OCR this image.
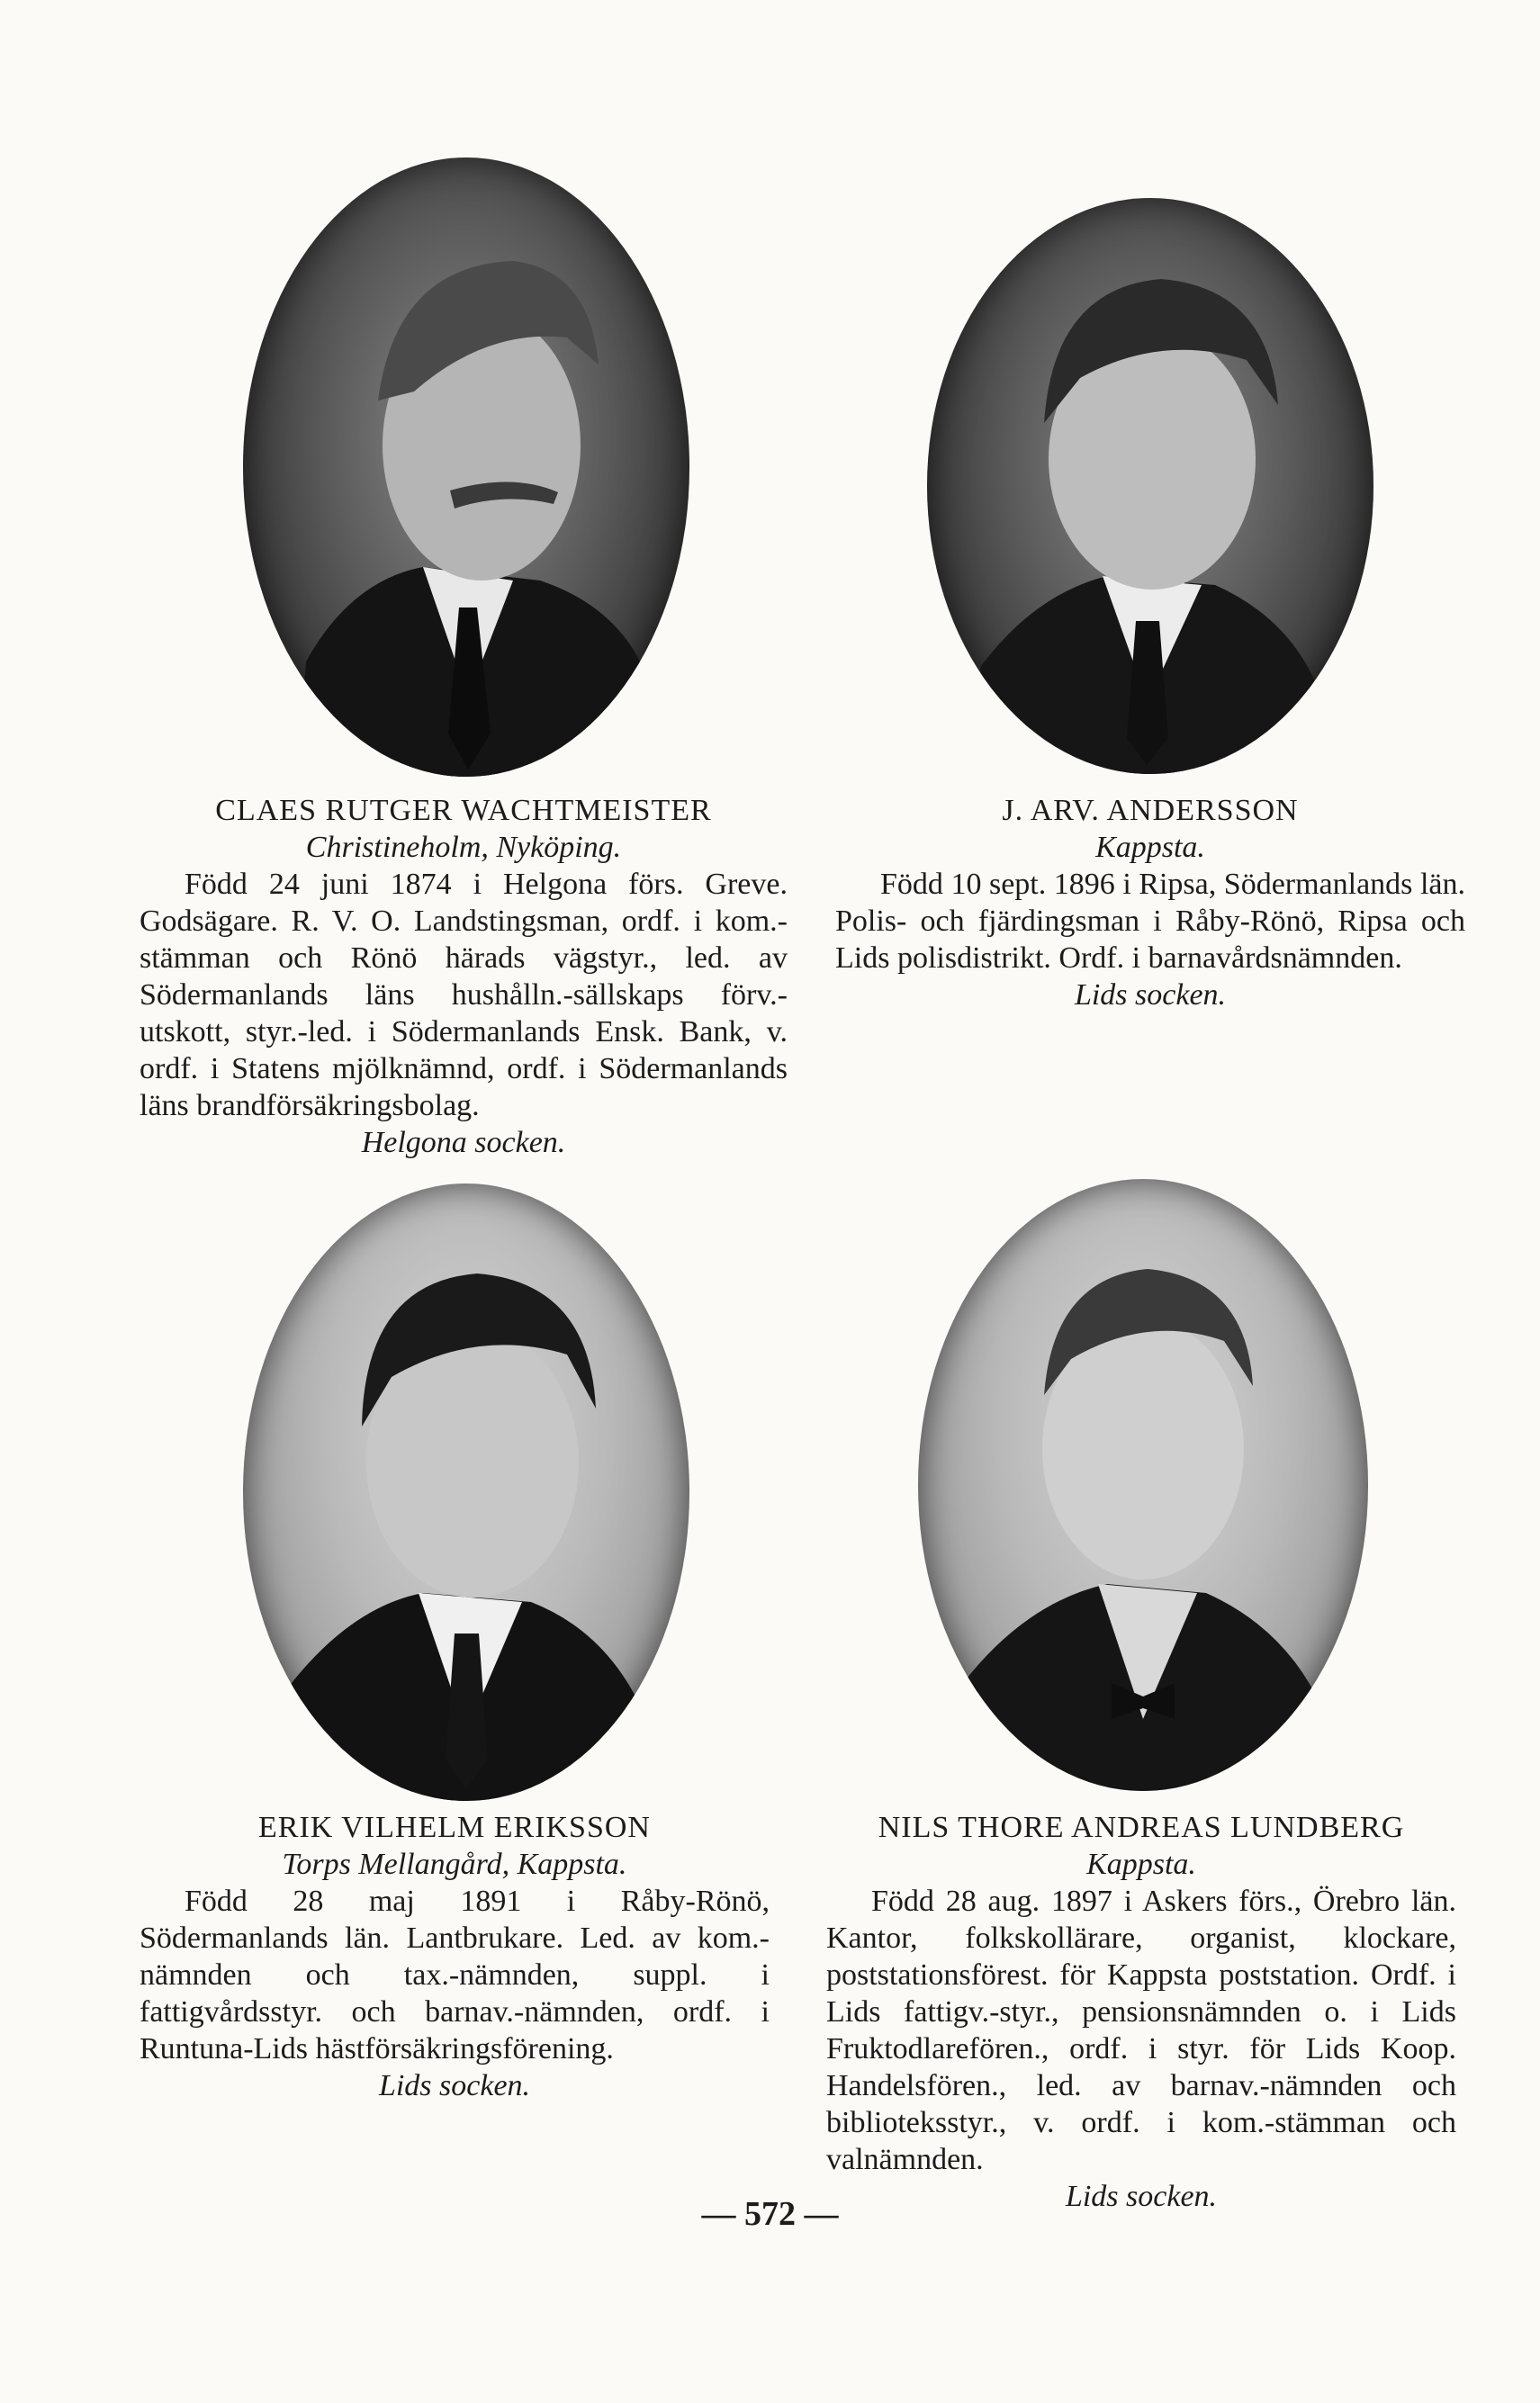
CLAES RUTGER WACHTMEISTER
Christineholm, Nyköping.
Född 24 juni 1874 i Helgona förs. Greve. Godsägare. R. V. O. Landstingsman, ordf. i kom.-stämman och Rönö härads vägstyr., led. av Södermanlands läns hushålln.-sällskaps förv.-utskott, styr.-led. i Södermanlands Ensk. Bank, v. ordf. i Statens mjölknämnd, ordf. i Södermanlands läns brandförsäkringsbolag.
Helgona socken.
J. ARV. ANDERSSON
Kappsta.
Född 10 sept. 1896 i Ripsa, Södermanlands län. Polis- och fjärdingsman i Råby-Rönö, Ripsa och Lids polisdistrikt. Ordf. i barnavårdsnämnden.
Lids socken.
ERIK VILHELM ERIKSSON
Torps Mellangård, Kappsta.
Född 28 maj 1891 i Råby-Rönö, Södermanlands län. Lantbrukare. Led. av kom.-nämnden och tax.-nämnden, suppl. i fattigvårdsstyr. och barnav.-nämnden, ordf. i Runtuna-Lids hästförsäkringsförening.
Lids socken.
NILS THORE ANDREAS LUNDBERG
Kappsta.
Född 28 aug. 1897 i Askers förs., Örebro län. Kantor, folkskollärare, organist, klockare, poststationsförest. för Kappsta poststation. Ordf. i Lids fattigv.-styr., pensionsnämnden o. i Lids Fruktodlarefören., ordf. i styr. för Lids Koop. Handelsfören., led. av barnav.-nämnden och biblioteksstyr., v. ordf. i kom.-stämman och valnämnden.
Lids socken.
— 572 —
